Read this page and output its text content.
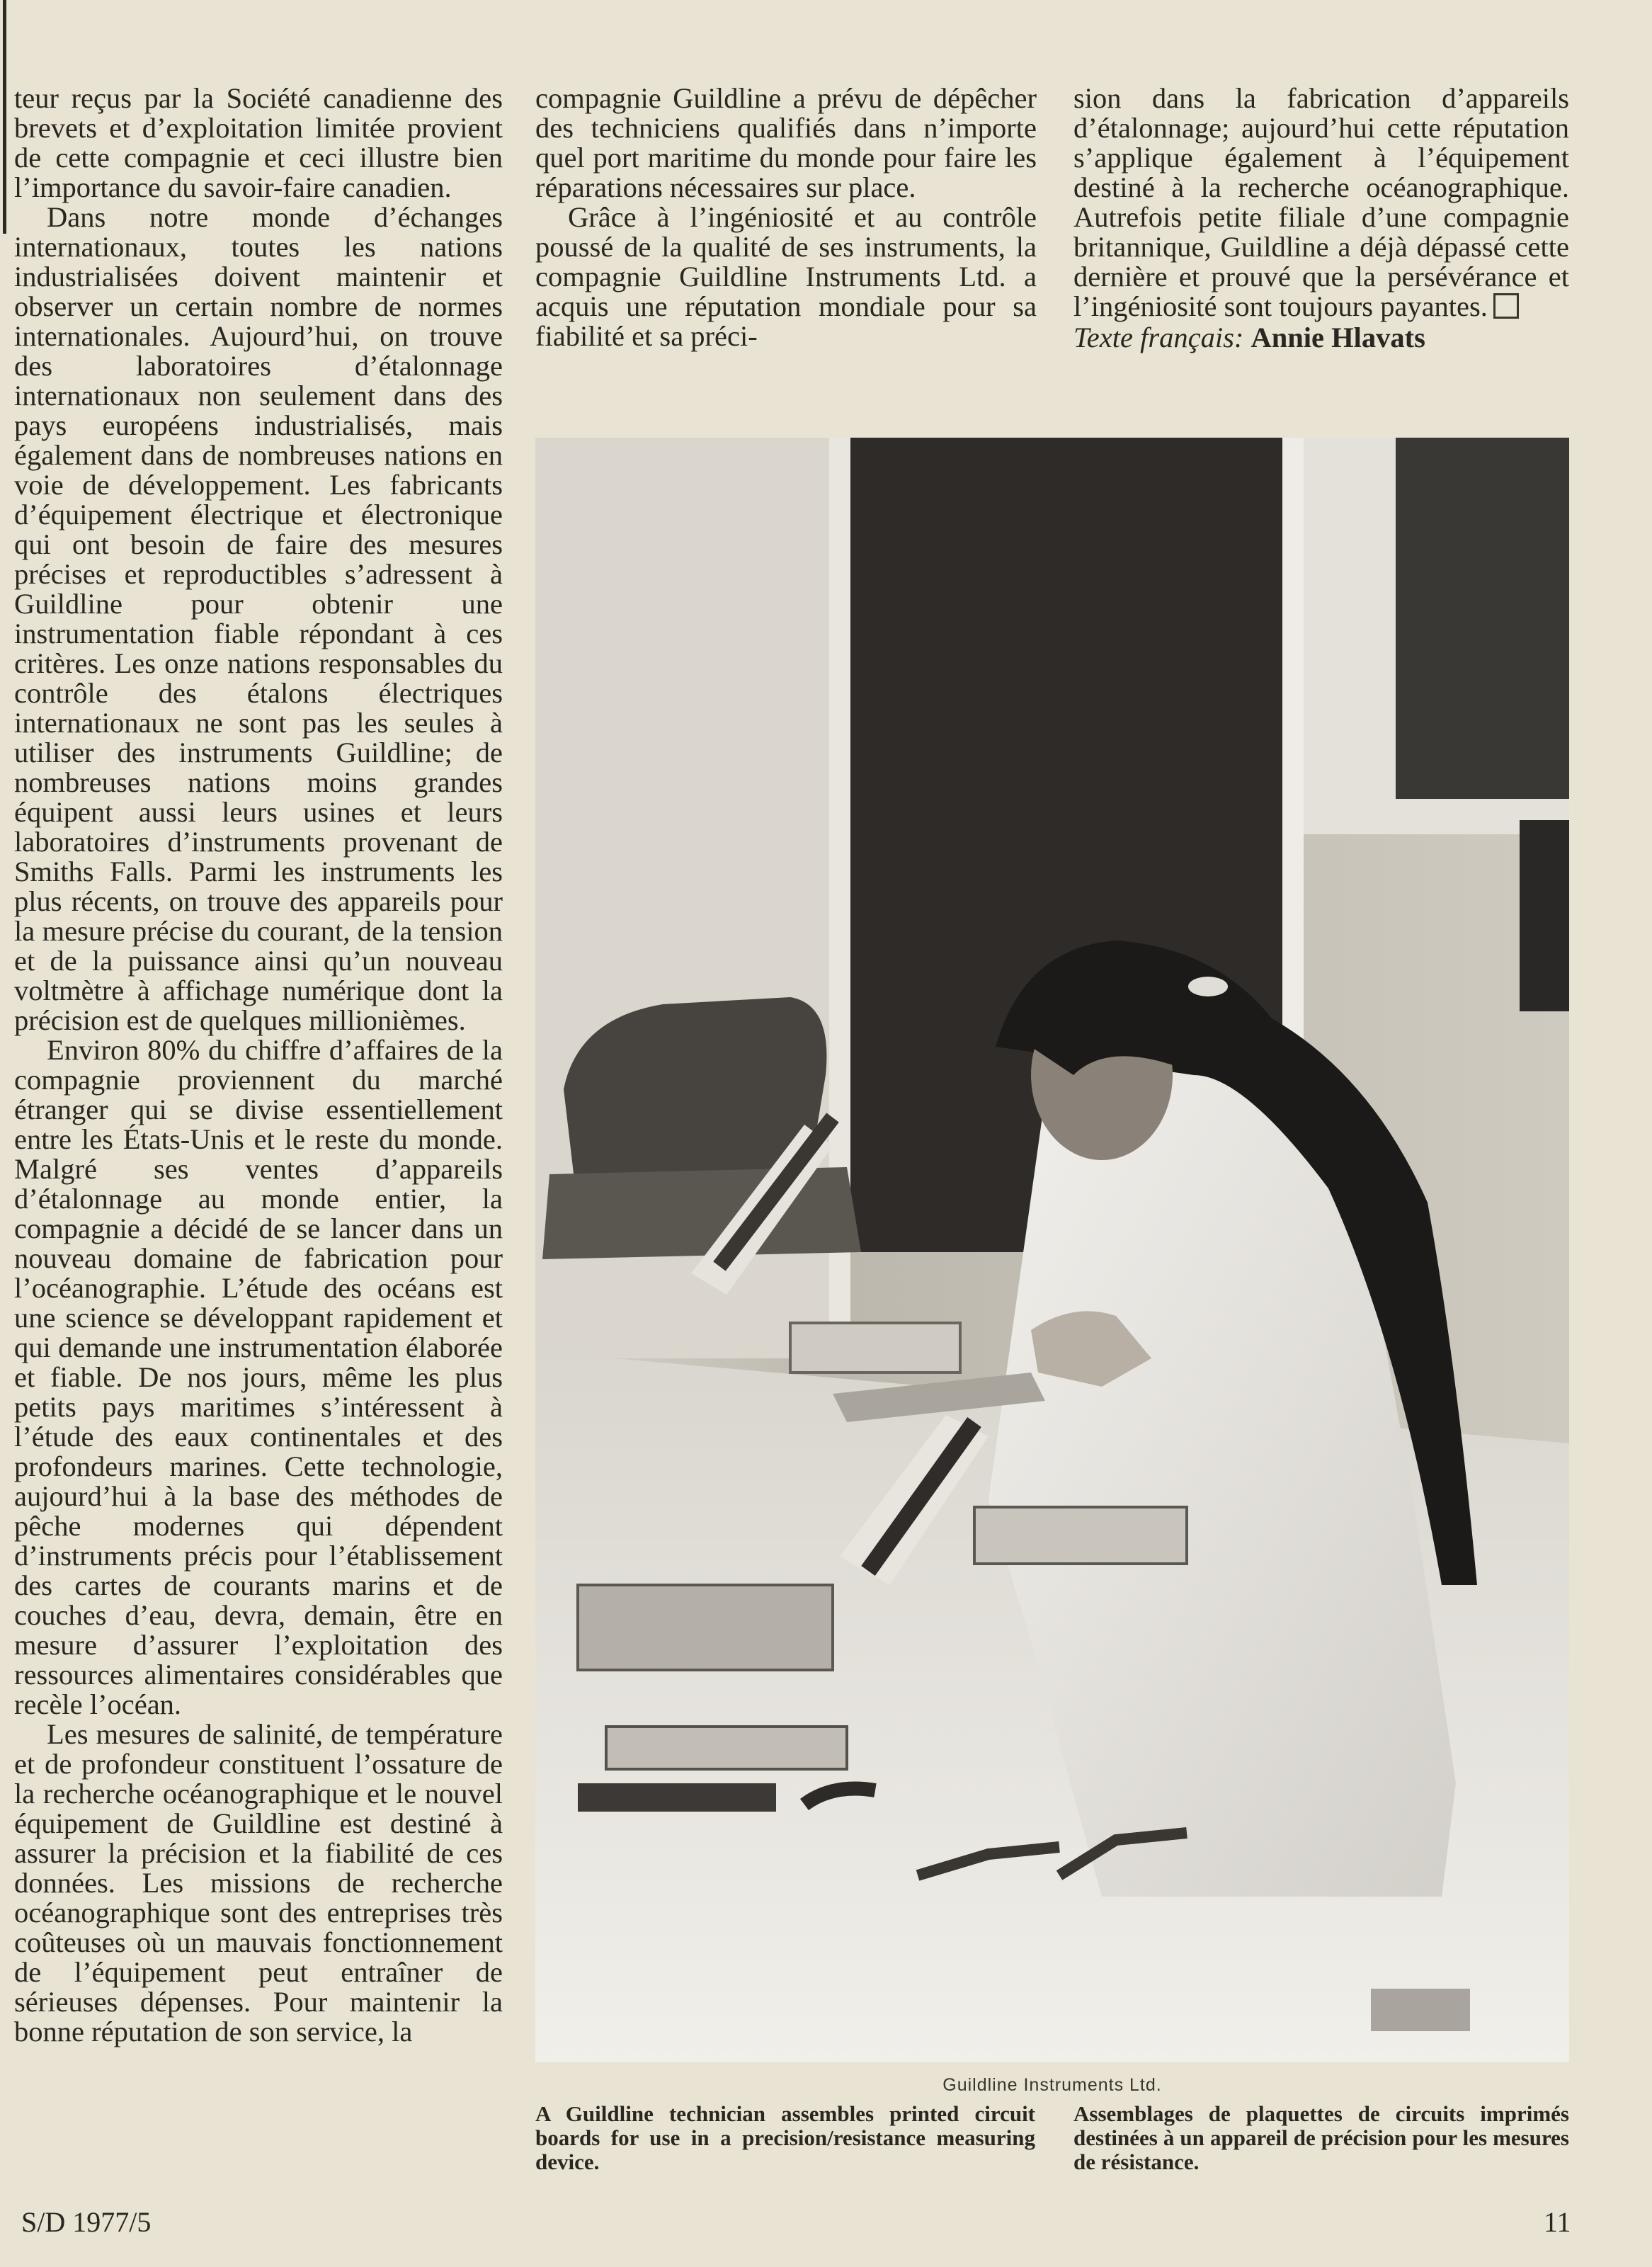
teur reçus par la Société canadienne des brevets et d’exploitation limitée provient de cette compagnie et ceci illustre bien l’importance du savoir-faire canadien.

Dans notre monde d’échanges internationaux, toutes les nations industrialisées doivent maintenir et observer un certain nombre de normes internationales. Aujourd’hui, on trouve des laboratoires d’étalonnage internationaux non seulement dans des pays européens industrialisés, mais également dans de nombreuses nations en voie de développement. Les fabricants d’équipement électrique et électronique qui ont besoin de faire des mesures précises et reproductibles s’adressent à Guildline pour obtenir une instrumentation fiable répondant à ces critères. Les onze nations responsables du contrôle des étalons électriques internationaux ne sont pas les seules à utiliser des instruments Guildline; de nombreuses nations moins grandes équipent aussi leurs usines et leurs laboratoires d’instruments provenant de Smiths Falls. Parmi les instruments les plus récents, on trouve des appareils pour la mesure précise du courant, de la tension et de la puissance ainsi qu’un nouveau voltmètre à affichage numérique dont la précision est de quelques millionièmes.

Environ 80% du chiffre d’affaires de la compagnie proviennent du marché étranger qui se divise essentiellement entre les États-Unis et le reste du monde. Malgré ses ventes d’appareils d’étalonnage au monde entier, la compagnie a décidé de se lancer dans un nouveau domaine de fabrication pour l’océanographie. L’étude des océans est une science se développant rapidement et qui demande une instrumentation élaborée et fiable. De nos jours, même les plus petits pays maritimes s’intéressent à l’étude des eaux continentales et des profondeurs marines. Cette technologie, aujourd’hui à la base des méthodes de pêche modernes qui dépendent d’instruments précis pour l’établissement des cartes de courants marins et de couches d’eau, devra, demain, être en mesure d’assurer l’exploitation des ressources alimentaires considérables que recèle l’océan.

Les mesures de salinité, de température et de profondeur constituent l’ossature de la recherche océanographique et le nouvel équipement de Guildline est destiné à assurer la précision et la fiabilité de ces données. Les missions de recherche océanographique sont des entreprises très coûteuses où un mauvais fonctionnement de l’équipement peut entraîner de sérieuses dépenses. Pour maintenir la bonne réputation de son service, la

compagnie Guildline a prévu de dépêcher des techniciens qualifiés dans n’importe quel port maritime du monde pour faire les réparations nécessaires sur place.

Grâce à l’ingéniosité et au contrôle poussé de la qualité de ses instruments, la compagnie Guildline Instruments Ltd. a acquis une réputation mondiale pour sa fiabilité et sa préci-

sion dans la fabrication d’appareils d’étalonnage; aujourd’hui cette réputation s’applique également à l’équipement destiné à la recherche océanographique. Autrefois petite filiale d’une compagnie britannique, Guildline a déjà dépassé cette dernière et prouvé que la persévérance et l’ingéniosité sont toujours payantes.

Texte français: Annie Hlavats
Guildline Instruments Ltd.
A Guildline technician assembles printed circuit boards for use in a precision/resistance measuring device.
Assemblages de plaquettes de circuits imprimés destinées à un appareil de précision pour les mesures de résistance.
S/D 1977/5	11
